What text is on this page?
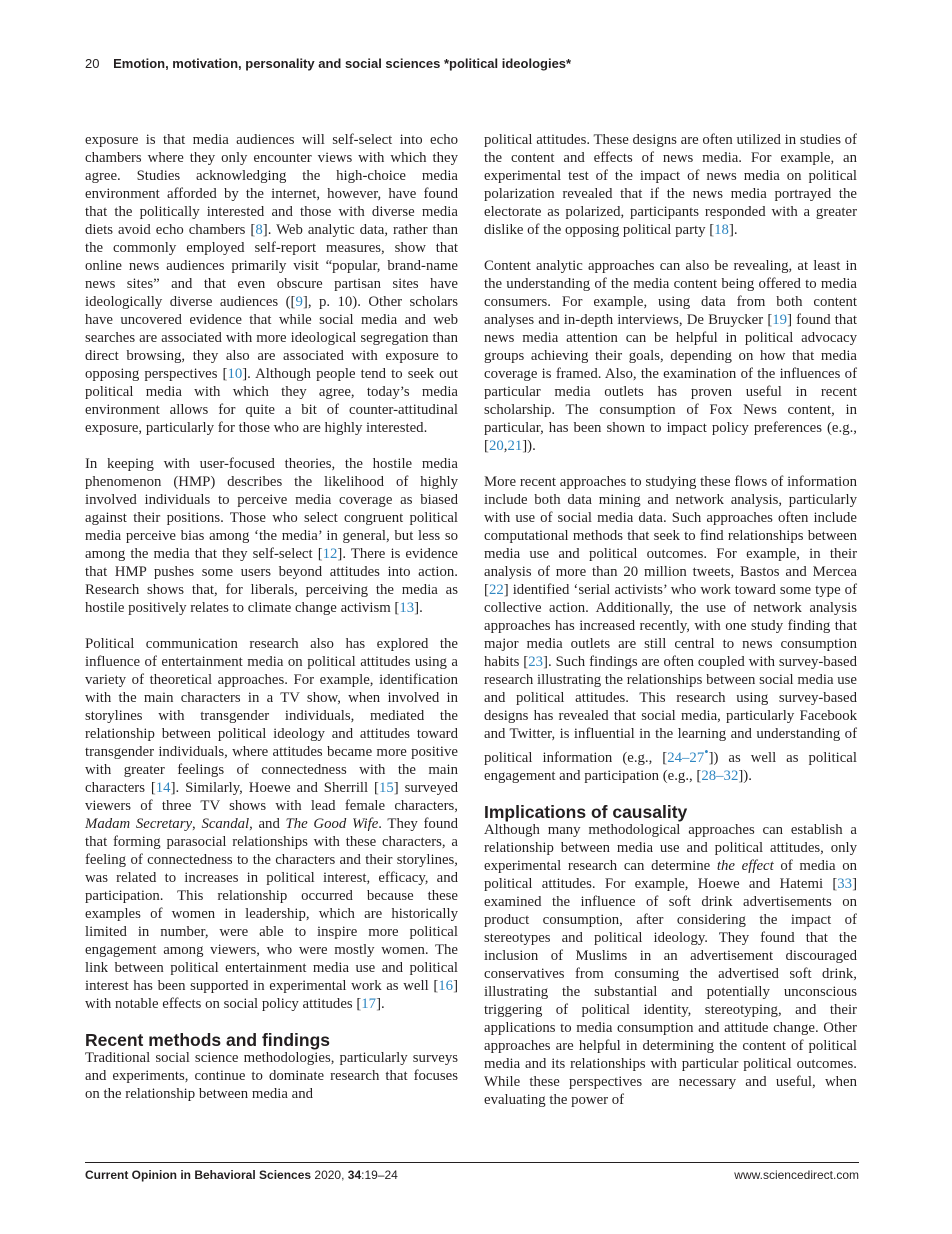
20 Emotion, motivation, personality and social sciences *political ideologies*

exposure is that media audiences will self-select into echo chambers where they only encounter views with which they agree. Studies acknowledging the high-choice media environment afforded by the internet, however, have found that the politically interested and those with diverse media diets avoid echo chambers [8]. Web analytic data, rather than the commonly employed self-report measures, show that online news audiences primarily visit “popular, brand-name news sites” and that even obscure partisan sites have ideologically diverse audiences ([9], p. 10). Other scholars have uncovered evidence that while social media and web searches are associated with more ideological segregation than direct browsing, they also are associated with exposure to opposing perspectives [10]. Although people tend to seek out political media with which they agree, today’s media environment allows for quite a bit of counter-attitudinal exposure, particularly for those who are highly interested.

In keeping with user-focused theories, the hostile media phenomenon (HMP) describes the likelihood of highly involved individuals to perceive media coverage as biased against their positions. Those who select congruent political media perceive bias among ‘the media’ in general, but less so among the media that they self-select [12]. There is evidence that HMP pushes some users beyond attitudes into action. Research shows that, for liberals, perceiving the media as hostile positively relates to climate change activism [13].

Political communication research also has explored the influence of entertainment media on political attitudes using a variety of theoretical approaches. For example, identification with the main characters in a TV show, when involved in storylines with transgender individuals, mediated the relationship between political ideology and attitudes toward transgender individuals, where attitudes became more positive with greater feelings of connectedness with the main characters [14]. Similarly, Hoewe and Sherrill [15] surveyed viewers of three TV shows with lead female characters, Madam Secretary, Scandal, and The Good Wife. They found that forming parasocial relationships with these characters, a feeling of connectedness to the characters and their storylines, was related to increases in political interest, efficacy, and participation. This relationship occurred because these examples of women in leadership, which are historically limited in number, were able to inspire more political engagement among viewers, who were mostly women. The link between political entertainment media use and political interest has been supported in experimental work as well [16] with notable effects on social policy attitudes [17].

Recent methods and findings

Traditional social science methodologies, particularly surveys and experiments, continue to dominate research that focuses on the relationship between media and

political attitudes. These designs are often utilized in studies of the content and effects of news media. For example, an experimental test of the impact of news media on political polarization revealed that if the news media portrayed the electorate as polarized, participants responded with a greater dislike of the opposing political party [18].

Content analytic approaches can also be revealing, at least in the understanding of the media content being offered to media consumers. For example, using data from both content analyses and in-depth interviews, De Bruycker [19] found that news media attention can be helpful in political advocacy groups achieving their goals, depending on how that media coverage is framed. Also, the examination of the influences of particular media outlets has proven useful in recent scholarship. The consumption of Fox News content, in particular, has been shown to impact policy preferences (e.g., [20,21]).

More recent approaches to studying these flows of information include both data mining and network analysis, particularly with use of social media data. Such approaches often include computational methods that seek to find relationships between media use and political outcomes. For example, in their analysis of more than 20 million tweets, Bastos and Mercea [22] identified ‘serial activists’ who work toward some type of collective action. Additionally, the use of network analysis approaches has increased recently, with one study finding that major media outlets are still central to news consumption habits [23]. Such findings are often coupled with survey-based research illustrating the relationships between social media use and political attitudes. This research using survey-based designs has revealed that social media, particularly Facebook and Twitter, is influential in the learning and understanding of political information (e.g., [24–27•]) as well as political engagement and participation (e.g., [28–32]).

Implications of causality

Although many methodological approaches can establish a relationship between media use and political attitudes, only experimental research can determine the effect of media on political attitudes. For example, Hoewe and Hatemi [33] examined the influence of soft drink advertisements on product consumption, after considering the impact of stereotypes and political ideology. They found that the inclusion of Muslims in an advertisement discouraged conservatives from consuming the advertised soft drink, illustrating the substantial and potentially unconscious triggering of political identity, stereotyping, and their applications to media consumption and attitude change. Other approaches are helpful in determining the content of political media and its relationships with particular political outcomes. While these perspectives are necessary and useful, when evaluating the power of

Current Opinion in Behavioral Sciences 2020, 34:19–24	www.sciencedirect.com
